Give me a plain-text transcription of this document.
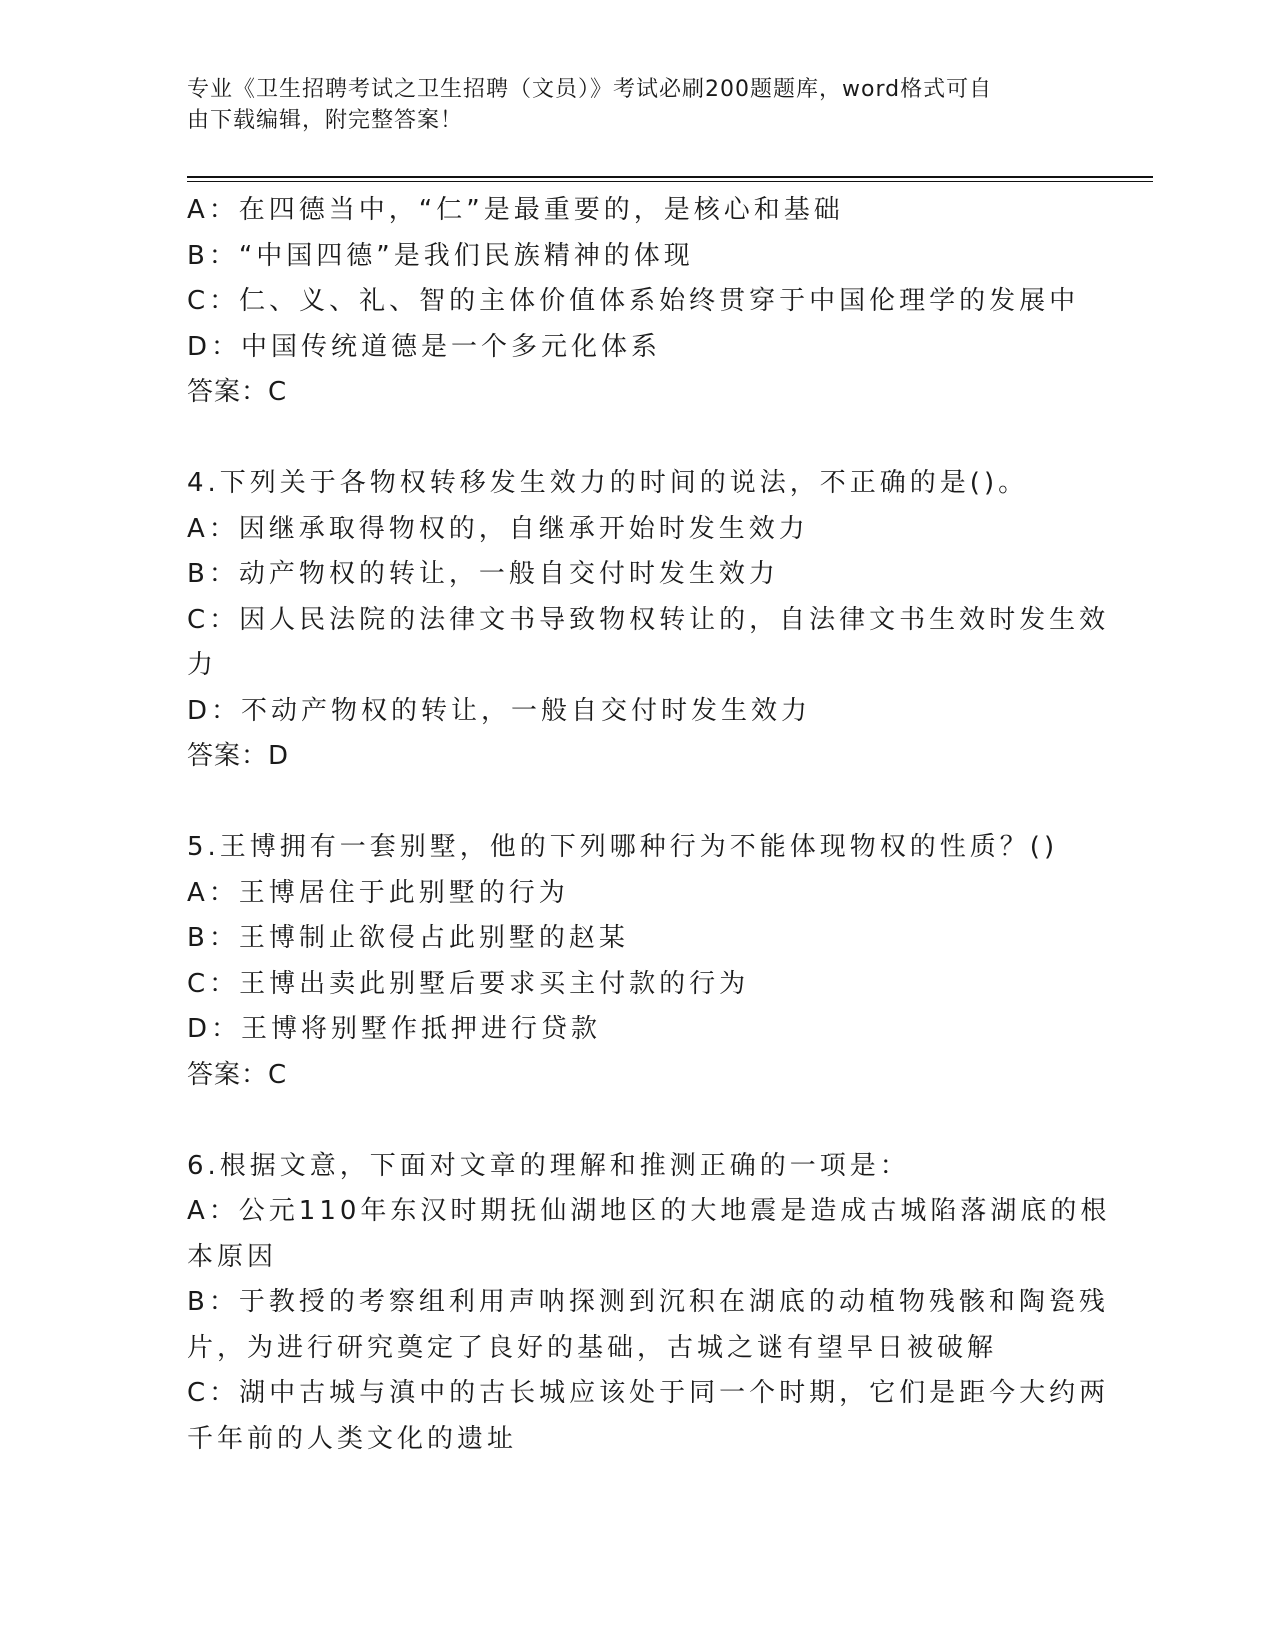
专业《卫生招聘考试之卫生招聘（文员）》考试必刷200题题库，word格式可自
由下载编辑，附完整答案！
A：在四德当中，“仁”是最重要的，是核心和基础
B：“中国四德”是我们民族精神的体现
C：仁、义、礼、智的主体价值体系始终贯穿于中国伦理学的发展中
D：中国传统道德是一个多元化体系
答案：C
4.下列关于各物权转移发生效力的时间的说法，不正确的是()。
A：因继承取得物权的，自继承开始时发生效力
B：动产物权的转让，一般自交付时发生效力
C：因人民法院的法律文书导致物权转让的，自法律文书生效时发生效
力
D：不动产物权的转让，一般自交付时发生效力
答案：D
5.王博拥有一套别墅，他的下列哪种行为不能体现物权的性质？()
A：王博居住于此别墅的行为
B：王博制止欲侵占此别墅的赵某
C：王博出卖此别墅后要求买主付款的行为
D：王博将别墅作抵押进行贷款
答案：C
6.根据文意，下面对文章的理解和推测正确的一项是：
A：公元110年东汉时期抚仙湖地区的大地震是造成古城陷落湖底的根
本原因
B：于教授的考察组利用声呐探测到沉积在湖底的动植物残骸和陶瓷残
片，为进行研究奠定了良好的基础，古城之谜有望早日被破解
C：湖中古城与滇中的古长城应该处于同一个时期，它们是距今大约两
千年前的人类文化的遗址
